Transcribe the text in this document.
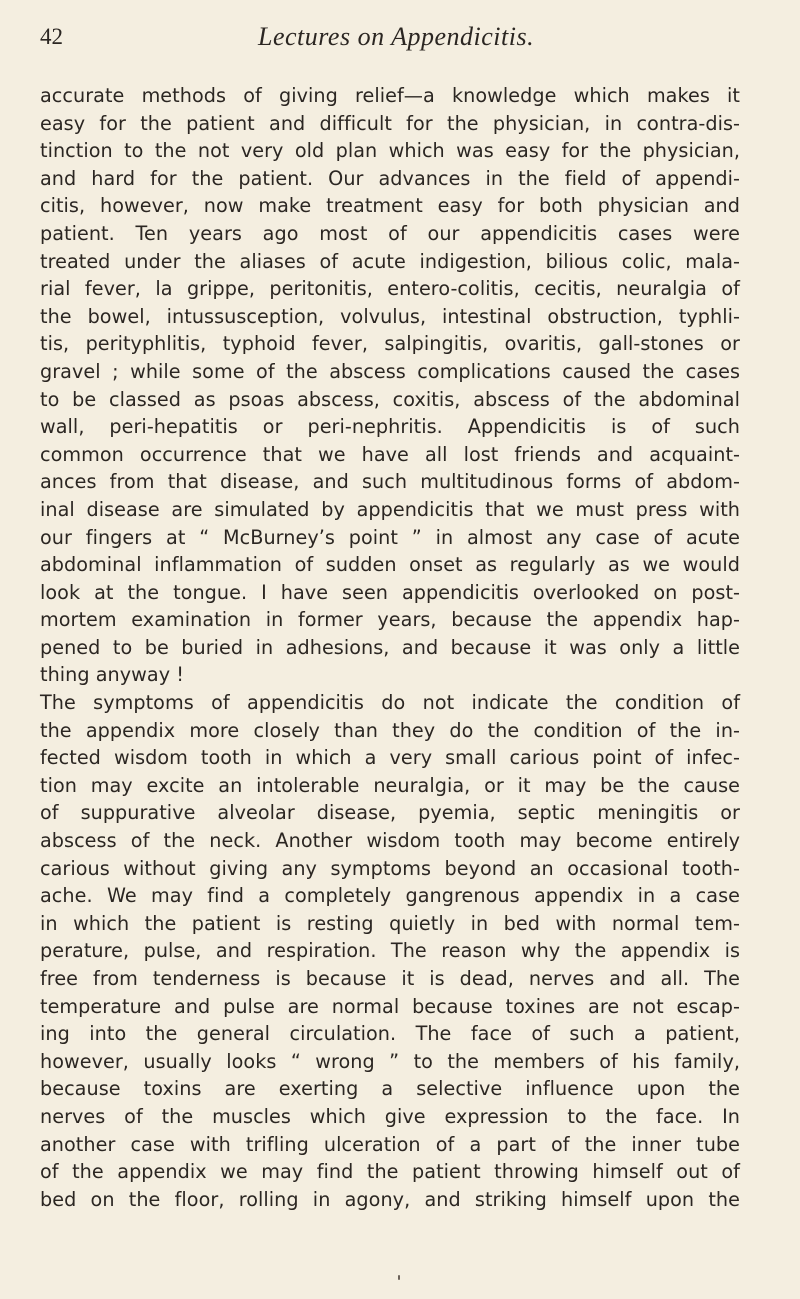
42	Lectures on Appendicitis.
accurate methods of giving relief—a knowledge which makes it
easy for the patient and difficult for the physician, in contra-dis-
tinction to the not very old plan which was easy for the physician,
and hard for the patient. Our advances in the field of appendi-
citis, however, now make treatment easy for both physician and
patient. Ten years ago most of our appendicitis cases were
treated under the aliases of acute indigestion, bilious colic, mala-
rial fever, la grippe, peritonitis, entero-colitis, cecitis, neuralgia of
the bowel, intussusception, volvulus, intestinal obstruction, typhli-
tis, perityphlitis, typhoid fever, salpingitis, ovaritis, gall-stones or
gravel ; while some of the abscess complications caused the cases
to be classed as psoas abscess, coxitis, abscess of the abdominal
wall, peri-hepatitis or peri-nephritis. Appendicitis is of such
common occurrence that we have all lost friends and acquaint-
ances from that disease, and such multitudinous forms of abdom-
inal disease are simulated by appendicitis that we must press with
our fingers at “ McBurney’s point ” in almost any case of acute
abdominal inflammation of sudden onset as regularly as we would
look at the tongue. I have seen appendicitis overlooked on post-
mortem examination in former years, because the appendix hap-
pened to be buried in adhesions, and because it was only a little
thing anyway !
The symptoms of appendicitis do not indicate the condition of
the appendix more closely than they do the condition of the in-
fected wisdom tooth in which a very small carious point of infec-
tion may excite an intolerable neuralgia, or it may be the cause
of suppurative alveolar disease, pyemia, septic meningitis or
abscess of the neck. Another wisdom tooth may become entirely
carious without giving any symptoms beyond an occasional tooth-
ache. We may find a completely gangrenous appendix in a case
in which the patient is resting quietly in bed with normal tem-
perature, pulse, and respiration. The reason why the appendix is
free from tenderness is because it is dead, nerves and all. The
temperature and pulse are normal because toxines are not escap-
ing into the general circulation. The face of such a patient,
however, usually looks “ wrong ” to the members of his family,
because toxins are exerting a selective influence upon the
nerves of the muscles which give expression to the face. In
another case with trifling ulceration of a part of the inner tube
of the appendix we may find the patient throwing himself out of
bed on the floor, rolling in agony, and striking himself upon the
